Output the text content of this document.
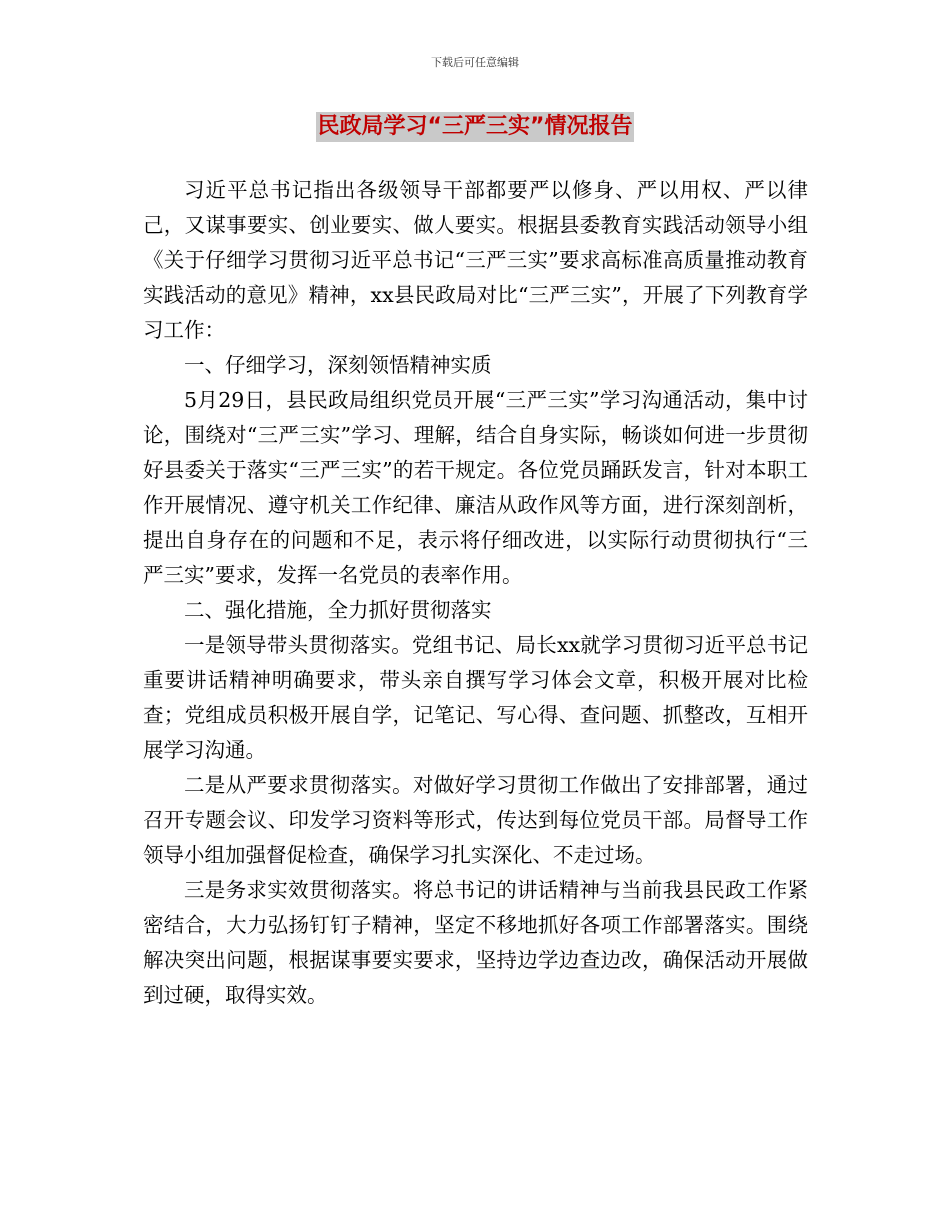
下载后可任意编辑
民政局学习“三严三实”情况报告

习近平总书记指出各级领导干部都要严以修身、严以用权、严以律己，又谋事要实、创业要实、做人要实。根据县委教育实践活动领导小组《关于仔细学习贯彻习近平总书记“三严三实”要求高标准高质量推动教育实践活动的意见》精神，xx县民政局对比“三严三实”，开展了下列教育学习工作：

一、仔细学习，深刻领悟精神实质

5月29日，县民政局组织党员开展“三严三实”学习沟通活动，集中讨论，围绕对“三严三实”学习、理解，结合自身实际，畅谈如何进一步贯彻好县委关于落实“三严三实”的若干规定。各位党员踊跃发言，针对本职工作开展情况、遵守机关工作纪律、廉洁从政作风等方面，进行深刻剖析，提出自身存在的问题和不足，表示将仔细改进，以实际行动贯彻执行“三严三实”要求，发挥一名党员的表率作用。

二、强化措施，全力抓好贯彻落实

一是领导带头贯彻落实。党组书记、局长xx就学习贯彻习近平总书记重要讲话精神明确要求，带头亲自撰写学习体会文章，积极开展对比检查；党组成员积极开展自学，记笔记、写心得、查问题、抓整改，互相开展学习沟通。

二是从严要求贯彻落实。对做好学习贯彻工作做出了安排部署，通过召开专题会议、印发学习资料等形式，传达到每位党员干部。局督导工作领导小组加强督促检查，确保学习扎实深化、不走过场。

三是务求实效贯彻落实。将总书记的讲话精神与当前我县民政工作紧密结合，大力弘扬钉钉子精神，坚定不移地抓好各项工作部署落实。围绕解决突出问题，根据谋事要实要求，坚持边学边查边改，确保活动开展做到过硬，取得实效。
